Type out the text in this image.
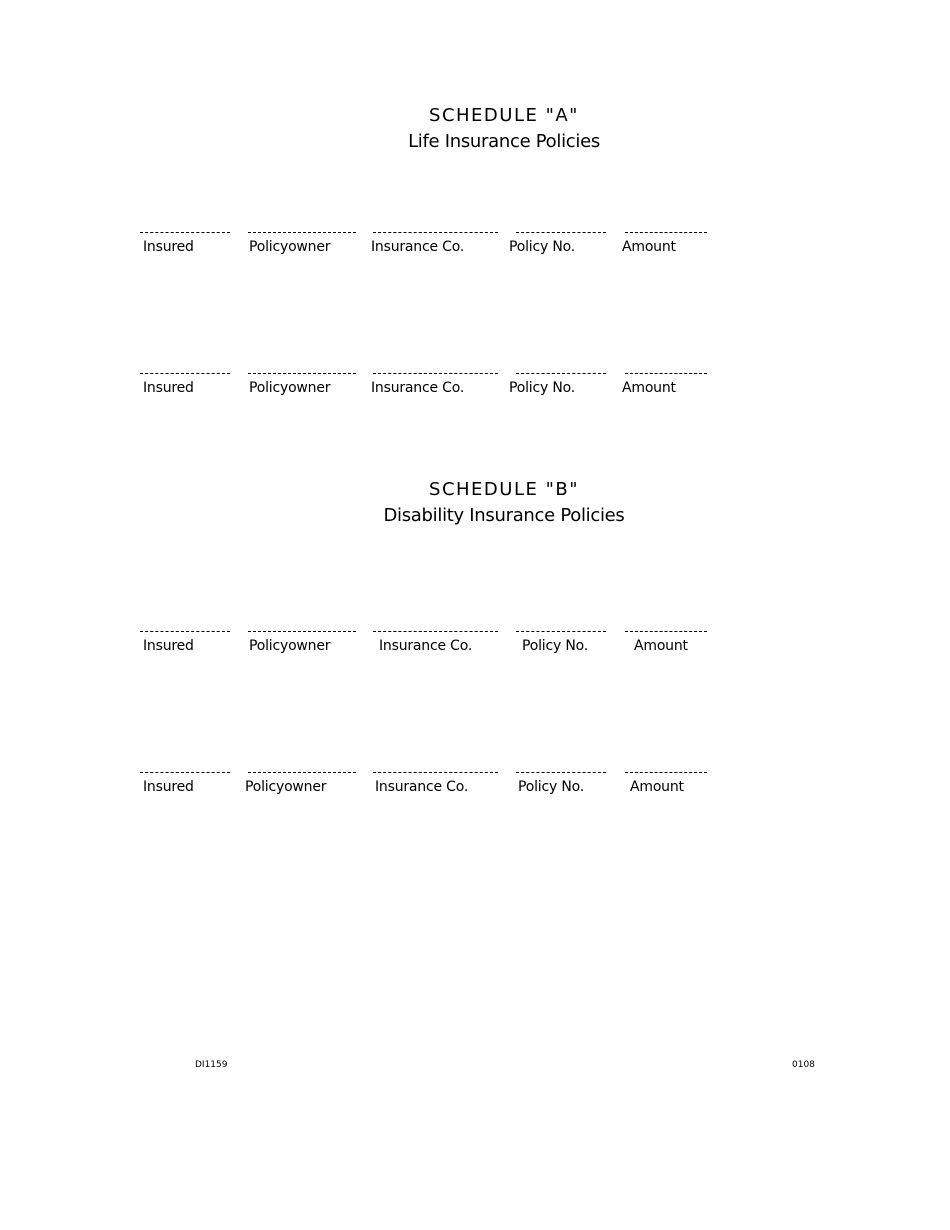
SCHEDULE "A"
Life Insurance Policies
Insured	Policyowner	Insurance Co.	Policy No.	Amount
Insured	Policyowner	Insurance Co.	Policy No.	Amount
SCHEDULE "B"
Disability Insurance Policies
Insured	Policyowner	Insurance Co.	Policy No.	Amount
Insured	Policyowner	Insurance Co.	Policy No.	Amount
DI1159	0108
